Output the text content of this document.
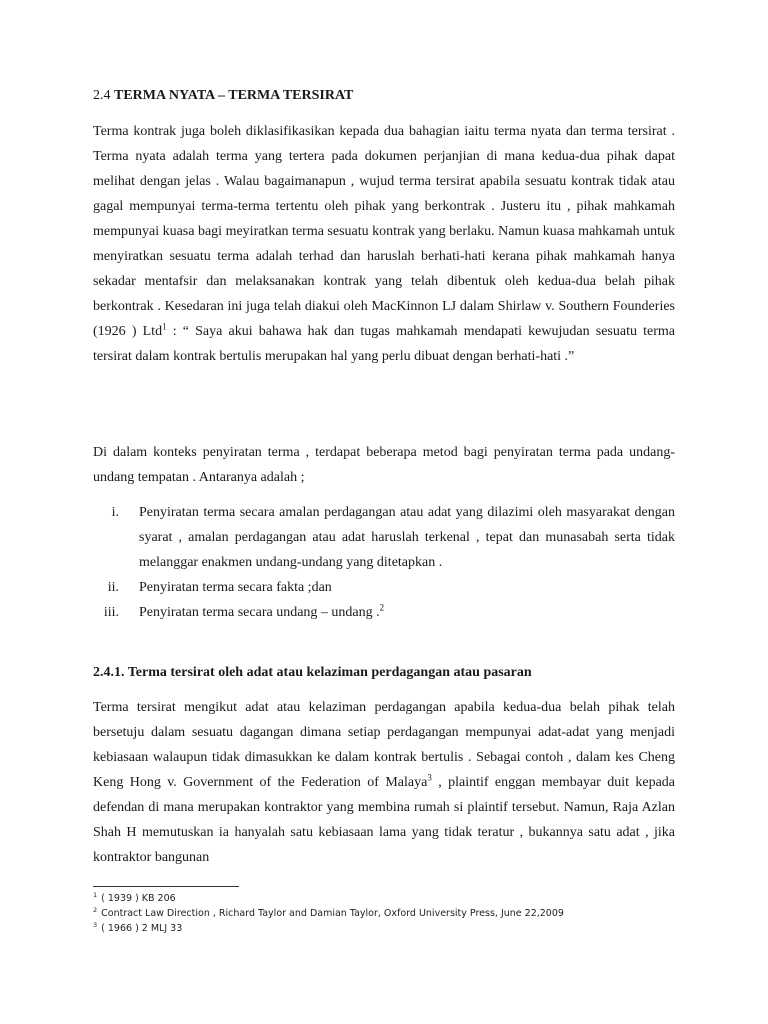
2.4 TERMA NYATA – TERMA TERSIRAT

Terma kontrak juga boleh diklasifikasikan kepada dua bahagian iaitu terma nyata dan terma tersirat . Terma nyata adalah terma yang tertera pada dokumen perjanjian di mana kedua-dua pihak dapat melihat dengan jelas . Walau bagaimanapun , wujud terma tersirat apabila sesuatu kontrak tidak atau gagal mempunyai terma-terma tertentu oleh pihak yang berkontrak . Justeru itu , pihak mahkamah mempunyai kuasa bagi meyiratkan terma sesuatu kontrak yang berlaku. Namun kuasa mahkamah untuk menyiratkan sesuatu terma adalah terhad dan haruslah berhati-hati kerana pihak mahkamah hanya sekadar mentafsir dan melaksanakan kontrak yang telah dibentuk oleh kedua-dua belah pihak berkontrak . Kesedaran ini juga telah diakui oleh MacKinnon LJ dalam Shirlaw v. Southern Founderies (1926 ) Ltd$^1$ : “ Saya akui bahawa hak dan tugas mahkamah mendapati kewujudan sesuatu terma tersirat dalam kontrak bertulis merupakan hal yang perlu dibuat dengan berhati-hati .”

Di dalam konteks penyiratan terma , terdapat beberapa metod bagi penyiratan terma pada undang-undang tempatan . Antaranya adalah ;

i. Penyiratan terma secara amalan perdagangan atau adat yang dilazimi oleh masyarakat dengan syarat , amalan perdagangan atau adat haruslah terkenal , tepat dan munasabah serta tidak melanggar enakmen undang-undang yang ditetapkan .
ii. Penyiratan terma secara fakta ;dan
iii. Penyiratan terma secara undang – undang .$^2$
2.4.1. Terma tersirat oleh adat atau kelaziman perdagangan atau pasaran

Terma tersirat mengikut adat atau kelaziman perdagangan apabila kedua-dua belah pihak telah bersetuju dalam sesuatu dagangan dimana setiap perdagangan mempunyai adat-adat yang menjadi kebiasaan walaupun tidak dimasukkan ke dalam kontrak bertulis . Sebagai contoh , dalam kes Cheng Keng Hong v. Government of the Federation of Malaya$^3$ , plaintif enggan membayar duit kepada defendan di mana merupakan kontraktor yang membina rumah si plaintif tersebut. Namun, Raja Azlan Shah H memutuskan ia hanyalah satu kebiasaan lama yang tidak teratur , bukannya satu adat , jika kontraktor bangunan

$^1$ ( 1939 ) KB 206
$^2$ Contract Law Direction , Richard Taylor and Damian Taylor, Oxford University Press, June 22,2009
$^3$ ( 1966 ) 2 MLJ 33
